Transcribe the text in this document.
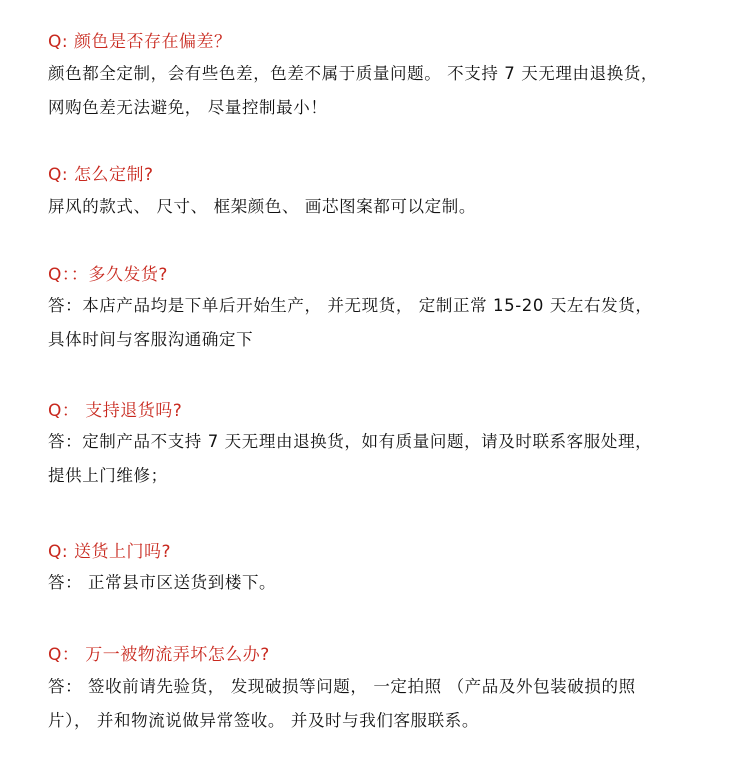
Q: 颜色是否存在偏差？
颜色都全定制，会有些色差，色差不属于质量问题。 不支持 7 天无理由退换货，
网购色差无法避免， 尽量控制最小！
Q: 怎么定制?
屏风的款式、 尺寸、 框架颜色、 画芯图案都可以定制。
Q：：多久发货?
答：本店产品均是下单后开始生产， 并无现货， 定制正常 15-20 天左右发货，
具体时间与客服沟通确定下
Q： 支持退货吗?
答：定制产品不支持 7 天无理由退换货，如有质量问题，请及时联系客服处理，
提供上门维修；
Q: 送货上门吗?
答： 正常县市区送货到楼下。
Q： 万一被物流弄坏怎么办?
答： 签收前请先验货， 发现破损等问题， 一定拍照 （产品及外包装破损的照
片）， 并和物流说做异常签收。 并及时与我们客服联系。
